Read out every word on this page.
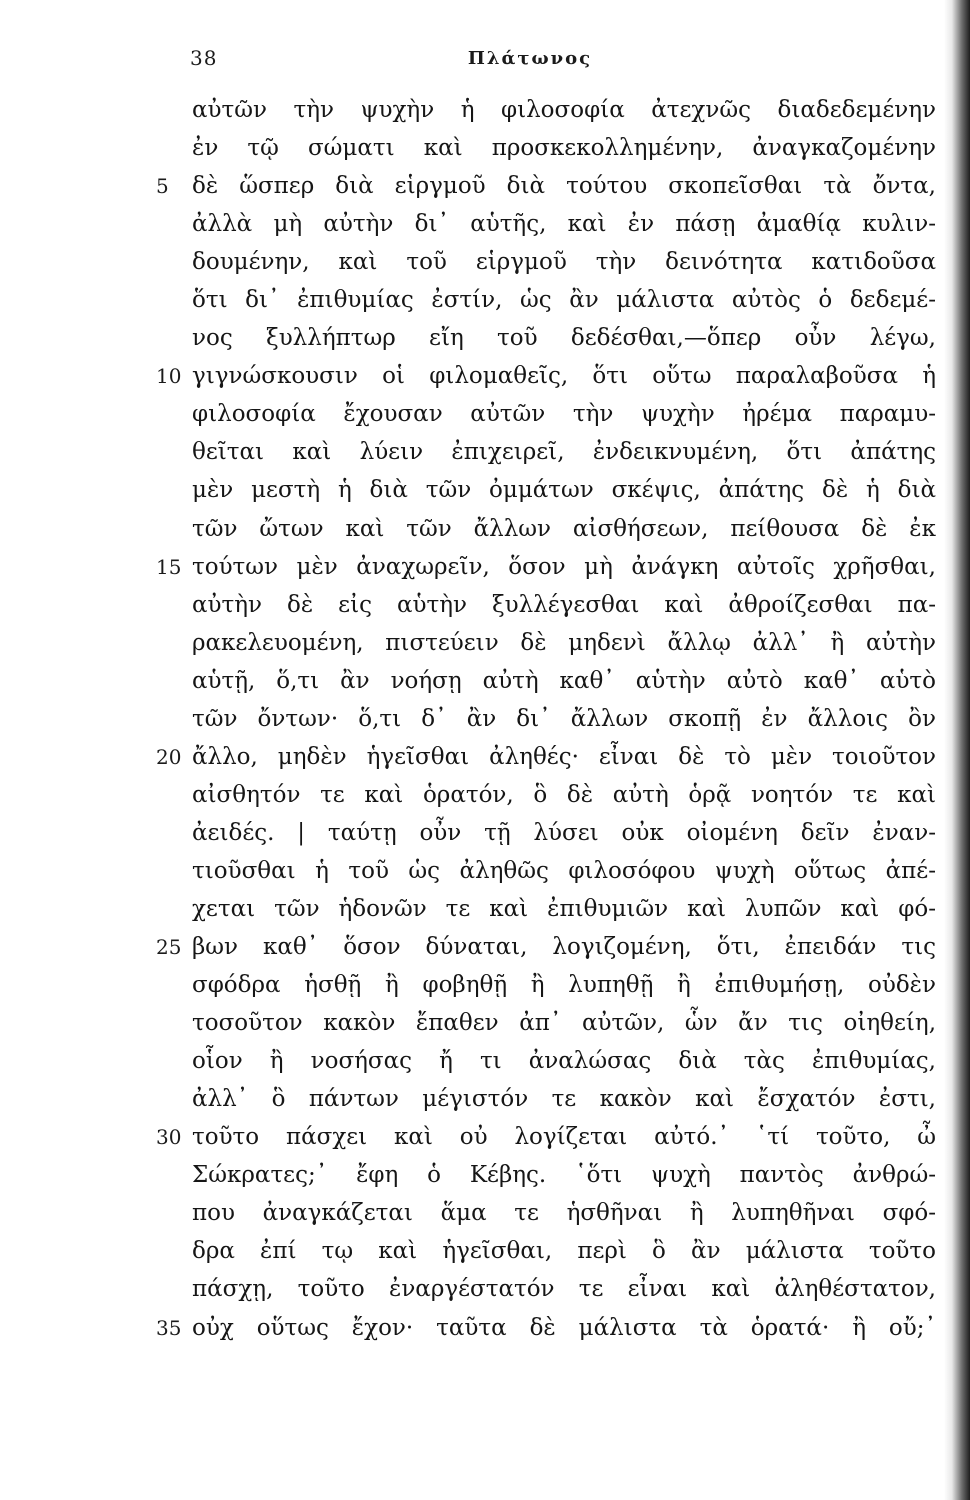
38	Πλάτωνος
αὐτῶν τὴν ψυχὴν ἡ φιλοσοφία ἀτεχνῶς διαδεδεμένην
ἐν τῷ σώματι καὶ προσκεκολλημένην, ἀναγκαζομένην
5	δὲ ὥσπερ διὰ εἱργμοῦ διὰ τούτου σκοπεῖσθαι τὰ ὄντα,
ἀλλὰ μὴ αὐτὴν δι᾽ αὑτῆς, καὶ ἐν πάσῃ ἀμαθίᾳ κυλιν-
δουμένην, καὶ τοῦ εἱργμοῦ τὴν δεινότητα κατιδοῦσα
ὅτι δι᾽ ἐπιθυμίας ἐστίν, ὡς ἂν μάλιστα αὐτὸς ὁ δεδεμέ-
νος ξυλλήπτωρ εἴη τοῦ δεδέσθαι,—ὅπερ οὖν λέγω,
10 γιγνώσκουσιν οἱ φιλομαθεῖς, ὅτι οὕτω παραλαβοῦσα ἡ
φιλοσοφία ἔχουσαν αὐτῶν τὴν ψυχὴν ἠρέμα παραμυ-
θεῖται καὶ λύειν ἐπιχειρεῖ, ἐνδεικνυμένη, ὅτι ἀπάτης
μὲν μεστὴ ἡ διὰ τῶν ὀμμάτων σκέψις, ἀπάτης δὲ ἡ διὰ
τῶν ὤτων καὶ τῶν ἄλλων αἰσθήσεων, πείθουσα δὲ ἐκ
15 τούτων μὲν ἀναχωρεῖν, ὅσον μὴ ἀνάγκη αὐτοῖς χρῆσθαι,
αὐτὴν δὲ εἰς αὑτὴν ξυλλέγεσθαι καὶ ἀθροίζεσθαι πα-
ρακελευομένη, πιστεύειν δὲ μηδενὶ ἄλλῳ ἀλλ᾽ ἢ αὐτὴν
αὑτῇ, ὅ,τι ἂν νοήσῃ αὐτὴ καθ᾽ αὑτὴν αὐτὸ καθ᾽ αὑτὸ
τῶν ὄντων· ὅ,τι δ᾽ ἂν δι᾽ ἄλλων σκοπῇ ἐν ἄλλοις ὂν
20 ἄλλο, μηδὲν ἡγεῖσθαι ἀληθές· εἶναι δὲ τὸ μὲν τοιοῦτον
αἰσθητόν τε καὶ ὁρατόν, ὃ δὲ αὐτὴ ὁρᾷ νοητόν τε καὶ
ἀειδές. | ταύτῃ οὖν τῇ λύσει οὐκ οἰομένη δεῖν ἐναν-
τιοῦσθαι ἡ τοῦ ὡς ἀληθῶς φιλοσόφου ψυχὴ οὕτως ἀπέ-
χεται τῶν ἡδονῶν τε καὶ ἐπιθυμιῶν καὶ λυπῶν καὶ φό-
25 βων καθ᾽ ὅσον δύναται, λογιζομένη, ὅτι, ἐπειδάν τις
σφόδρα ἡσθῇ ἢ φοβηθῇ ἢ λυπηθῇ ἢ ἐπιθυμήσῃ, οὐδὲν
τοσοῦτον κακὸν ἔπαθεν ἀπ᾽ αὐτῶν, ὧν ἄν τις οἰηθείη,
οἷον ἢ νοσήσας ἤ τι ἀναλώσας διὰ τὰς ἐπιθυμίας,
ἀλλ᾽ ὃ πάντων μέγιστόν τε κακὸν καὶ ἔσχατόν ἐστι,
30 τοῦτο πάσχει καὶ οὐ λογίζεται αὐτό.᾽ ῾τί τοῦτο, ὦ
Σώκρατες;᾽ ἔφη ὁ Κέβης. ῾ὅτι ψυχὴ παντὸς ἀνθρώ-
που ἀναγκάζεται ἅμα τε ἡσθῆναι ἢ λυπηθῆναι σφό-
δρα ἐπί τῳ καὶ ἡγεῖσθαι, περὶ ὃ ἂν μάλιστα τοῦτο
πάσχῃ, τοῦτο ἐναργέστατόν τε εἶναι καὶ ἀληθέστατον,
35 οὐχ οὕτως ἔχον· ταῦτα δὲ μάλιστα τὰ ὁρατά· ἢ οὔ;᾽
